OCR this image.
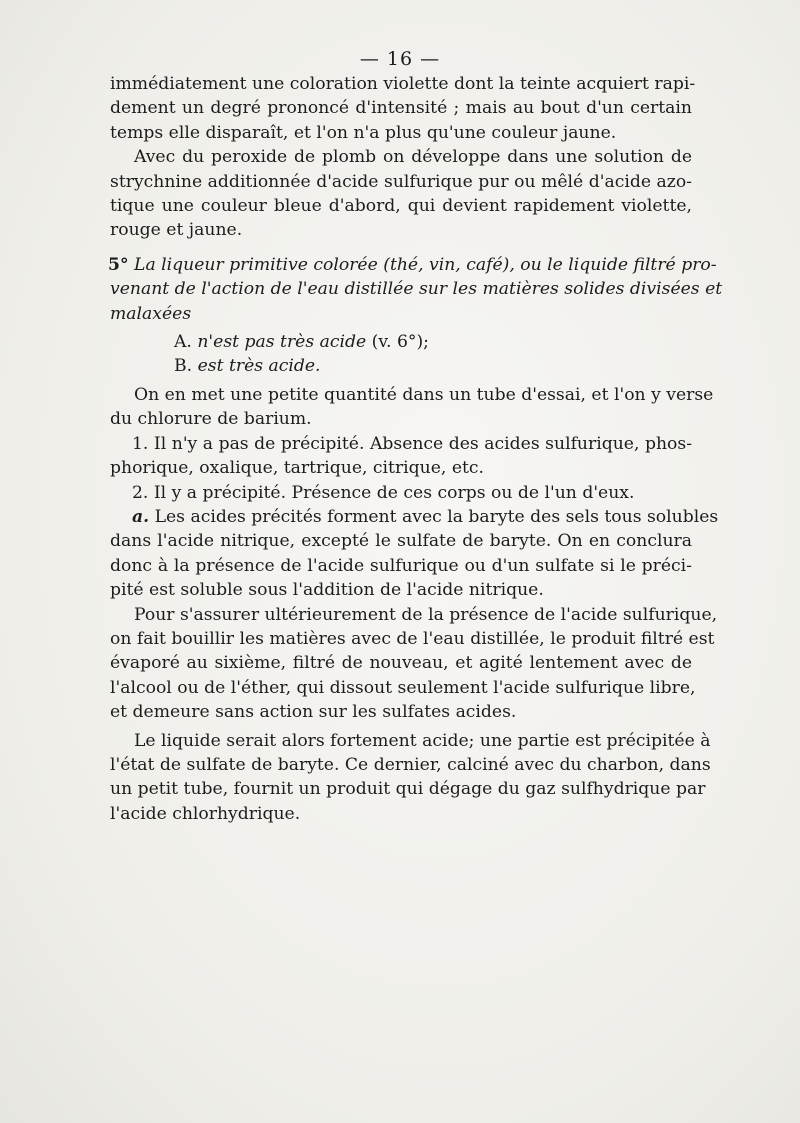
— 16 —
immédiatement une coloration violette dont la teinte acquiert rapi-
dement un degré prononcé d'intensité ; mais au bout d'un certain
temps elle disparaît, et l'on n'a plus qu'une couleur jaune.
Avec du peroxide de plomb on développe dans une solution de
strychnine additionnée d'acide sulfurique pur ou mêlé d'acide azo-
tique une couleur bleue d'abord, qui devient rapidement violette,
rouge et jaune.
5° La liqueur primitive colorée (thé, vin, café), ou le liquide filtré pro-
venant de l'action de l'eau distillée sur les matières solides divisées et
malaxées
A. n'est pas très acide (v. 6°);
B. est très acide.
On en met une petite quantité dans un tube d'essai, et l'on y verse
du chlorure de barium.
1. Il n'y a pas de précipité. Absence des acides sulfurique, phos-
phorique, oxalique, tartrique, citrique, etc.
2. Il y a précipité. Présence de ces corps ou de l'un d'eux.
a. Les acides précités forment avec la baryte des sels tous solubles
dans l'acide nitrique, excepté le sulfate de baryte. On en conclura
donc à la présence de l'acide sulfurique ou d'un sulfate si le préci-
pité est soluble sous l'addition de l'acide nitrique.
Pour s'assurer ultérieurement de la présence de l'acide sulfurique,
on fait bouillir les matières avec de l'eau distillée, le produit filtré est
évaporé au sixième, filtré de nouveau, et agité lentement avec de
l'alcool ou de l'éther, qui dissout seulement l'acide sulfurique libre,
et demeure sans action sur les sulfates acides.
Le liquide serait alors fortement acide; une partie est précipitée à
l'état de sulfate de baryte. Ce dernier, calciné avec du charbon, dans
un petit tube, fournit un produit qui dégage du gaz sulfhydrique par
l'acide chlorhydrique.
